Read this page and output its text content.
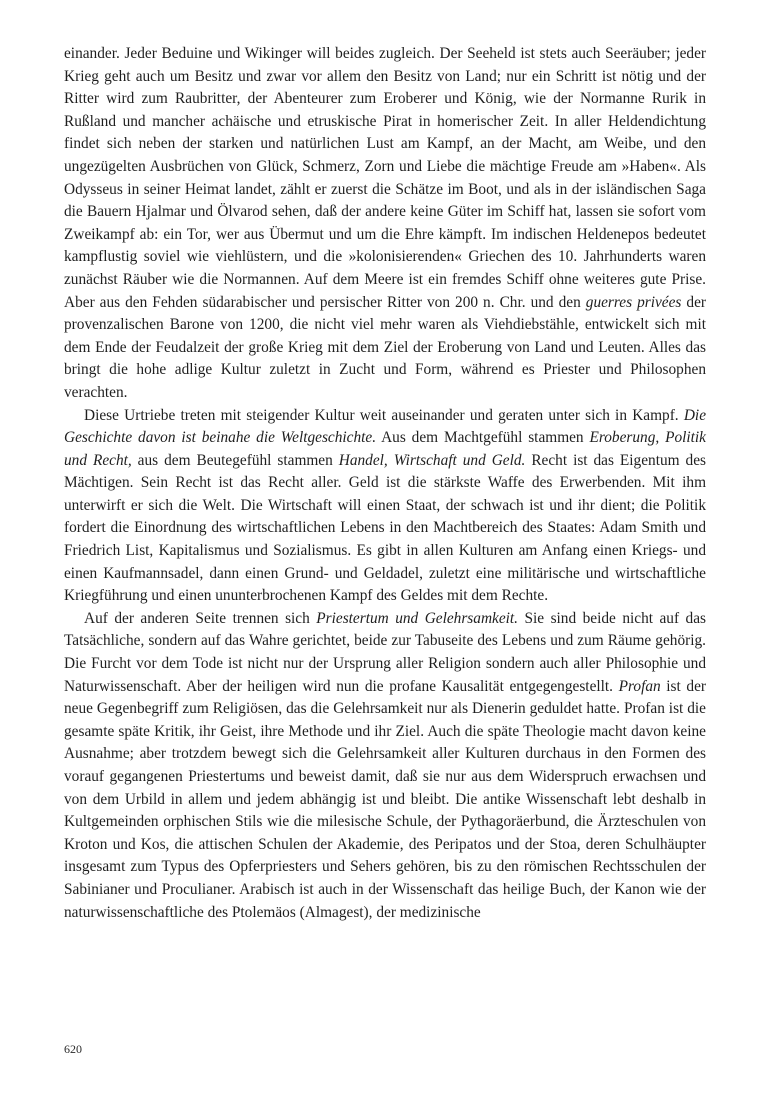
einander. Jeder Beduine und Wikinger will beides zugleich. Der Seeheld ist stets auch Seeräuber; jeder Krieg geht auch um Besitz und zwar vor allem den Besitz von Land; nur ein Schritt ist nötig und der Ritter wird zum Raubritter, der Abenteurer zum Eroberer und König, wie der Normanne Rurik in Rußland und mancher achäische und etruskische Pirat in homerischer Zeit. In aller Heldendichtung findet sich neben der starken und natürlichen Lust am Kampf, an der Macht, am Weibe, und den ungezügelten Ausbrüchen von Glück, Schmerz, Zorn und Liebe die mächtige Freude am »Haben«. Als Odysseus in seiner Heimat landet, zählt er zuerst die Schätze im Boot, und als in der isländischen Saga die Bauern Hjalmar und Ölvarod sehen, daß der andere keine Güter im Schiff hat, lassen sie sofort vom Zweikampf ab: ein Tor, wer aus Übermut und um die Ehre kämpft. Im indischen Heldenepos bedeutet kampflustig soviel wie viehlüstern, und die »kolonisierenden« Griechen des 10. Jahrhunderts waren zunächst Räuber wie die Normannen. Auf dem Meere ist ein fremdes Schiff ohne weiteres gute Prise. Aber aus den Fehden südarabischer und persischer Ritter von 200 n. Chr. und den guerres privées der provenzalischen Barone von 1200, die nicht viel mehr waren als Viehdiebstähle, entwickelt sich mit dem Ende der Feudalzeit der große Krieg mit dem Ziel der Eroberung von Land und Leuten. Alles das bringt die hohe adlige Kultur zuletzt in Zucht und Form, während es Priester und Philosophen verachten.

Diese Urtriebe treten mit steigender Kultur weit auseinander und geraten unter sich in Kampf. Die Geschichte davon ist beinahe die Weltgeschichte. Aus dem Machtgefühl stammen Eroberung, Politik und Recht, aus dem Beutegefühl stammen Handel, Wirtschaft und Geld. Recht ist das Eigentum des Mächtigen. Sein Recht ist das Recht aller. Geld ist die stärkste Waffe des Erwerbenden. Mit ihm unterwirft er sich die Welt. Die Wirtschaft will einen Staat, der schwach ist und ihr dient; die Politik fordert die Einordnung des wirtschaftlichen Lebens in den Machtbereich des Staates: Adam Smith und Friedrich List, Kapitalismus und Sozialismus. Es gibt in allen Kulturen am Anfang einen Kriegs- und einen Kaufmannsadel, dann einen Grund- und Geldadel, zuletzt eine militärische und wirtschaftliche Kriegführung und einen ununterbrochenen Kampf des Geldes mit dem Rechte.

Auf der anderen Seite trennen sich Priestertum und Gelehrsamkeit. Sie sind beide nicht auf das Tatsächliche, sondern auf das Wahre gerichtet, beide zur Tabuseite des Lebens und zum Räume gehörig. Die Furcht vor dem Tode ist nicht nur der Ursprung aller Religion sondern auch aller Philosophie und Naturwissenschaft. Aber der heiligen wird nun die profane Kausalität entgegengestellt. Profan ist der neue Gegenbegriff zum Religiösen, das die Gelehrsamkeit nur als Dienerin geduldet hatte. Profan ist die gesamte späte Kritik, ihr Geist, ihre Methode und ihr Ziel. Auch die späte Theologie macht davon keine Ausnahme; aber trotzdem bewegt sich die Gelehrsamkeit aller Kulturen durchaus in den Formen des vorauf gegangenen Priestertums und beweist damit, daß sie nur aus dem Widerspruch erwachsen und von dem Urbild in allem und jedem abhängig ist und bleibt. Die antike Wissenschaft lebt deshalb in Kultgemeinden orphischen Stils wie die milesische Schule, der Pythagoräerbund, die Ärzteschulen von Kroton und Kos, die attischen Schulen der Akademie, des Peripatos und der Stoa, deren Schulhäupter insgesamt zum Typus des Opferpriesters und Sehers gehören, bis zu den römischen Rechtsschulen der Sabinianer und Proculianer. Arabisch ist auch in der Wissenschaft das heilige Buch, der Kanon wie der naturwissenschaftliche des Ptolemäos (Almagest), der medizinische

620
